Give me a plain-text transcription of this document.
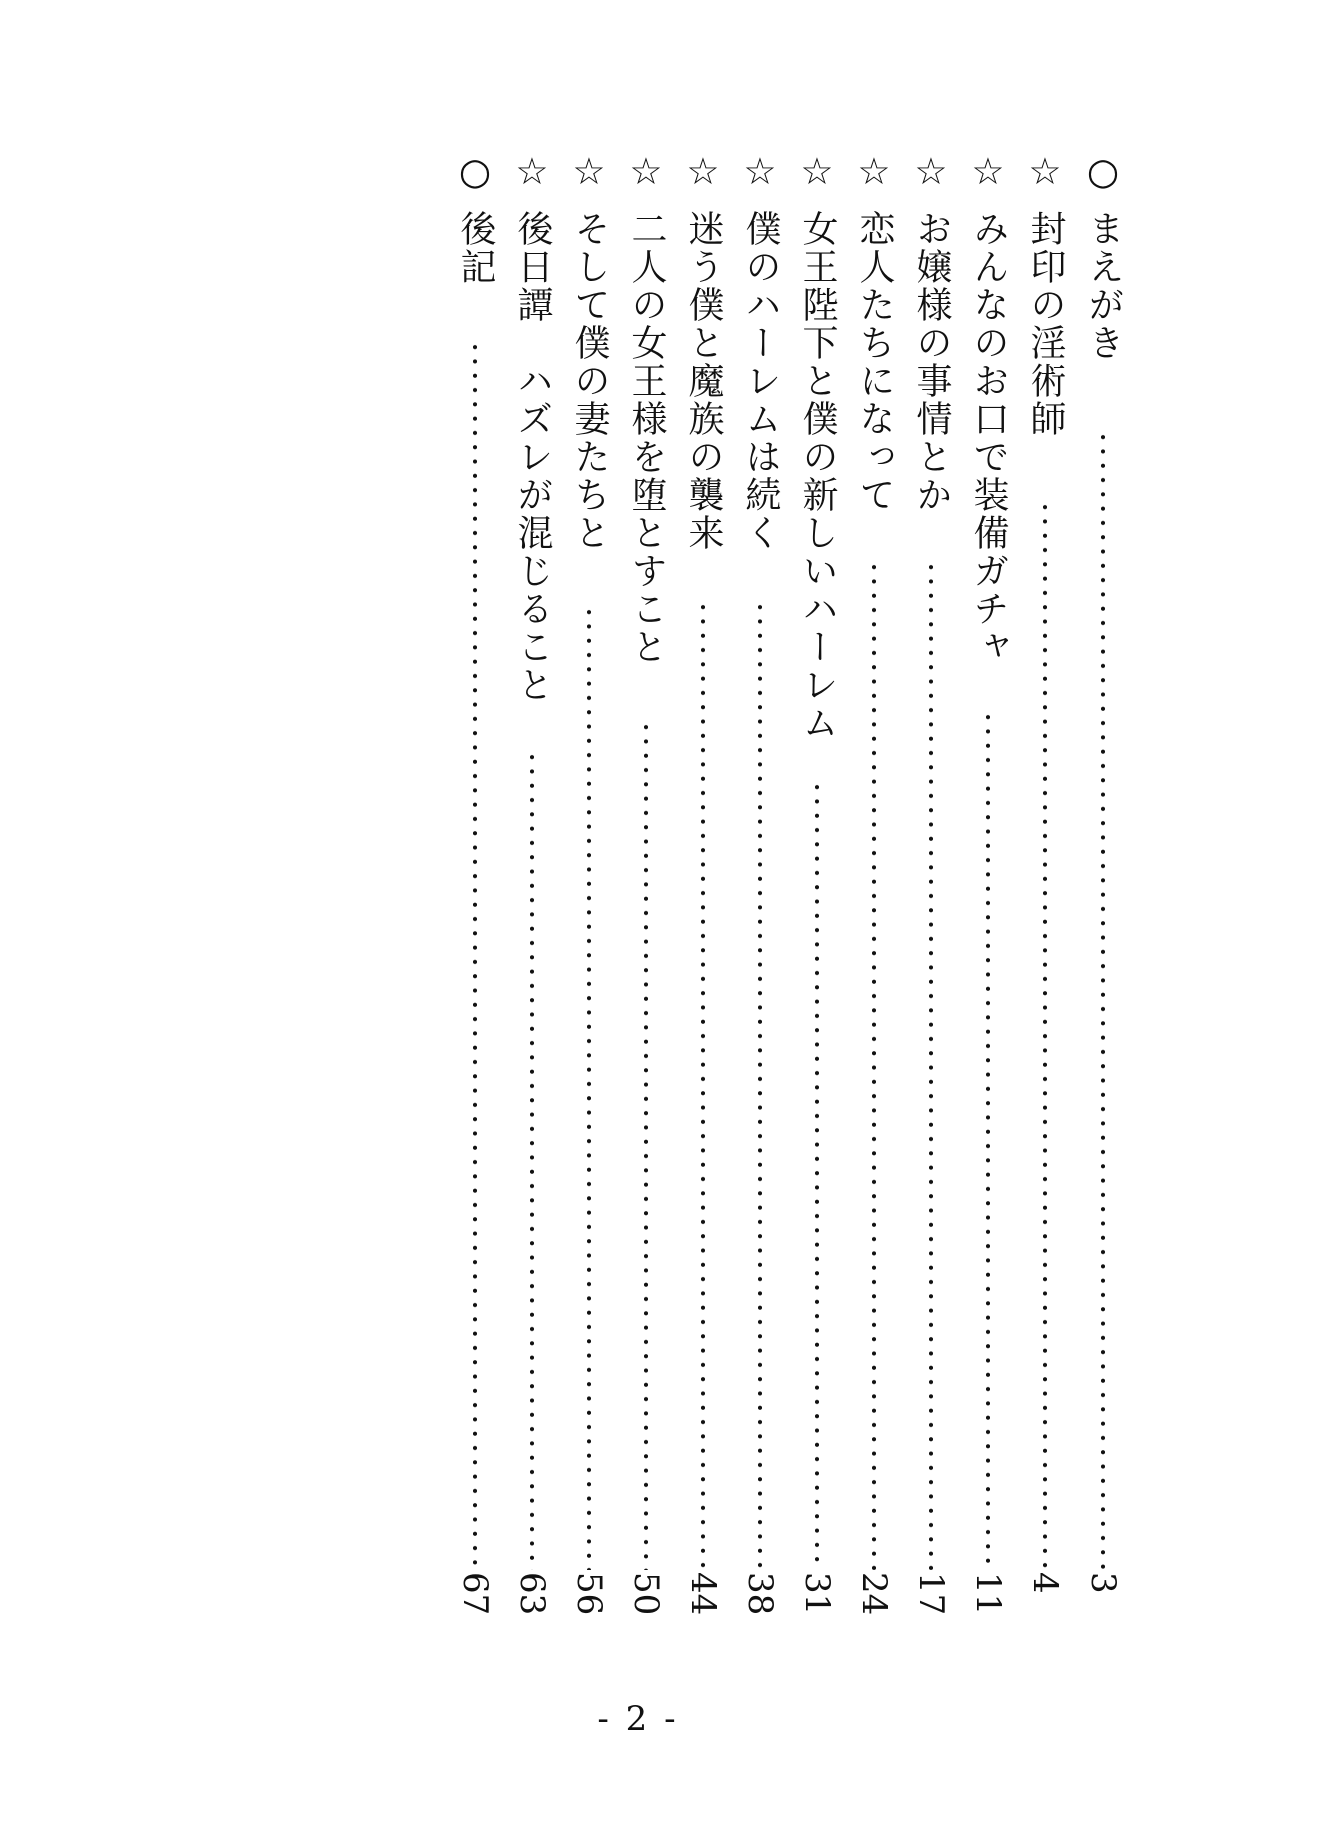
○
まえがき
3
☆
封印の淫術師
4
☆
みんなのお口で装備ガチャ
11
☆
お嬢様の事情とか
17
☆
恋人たちになって
24
☆
女王陛下と僕の新しいハーレム
31
☆
僕のハーレムは続く
38
☆
迷う僕と魔族の襲来
44
☆
二人の女王様を堕とすこと
50
☆
そして僕の妻たちと
56
☆
後日譚　ハズレが混じること
63
○
後記
67
- 2 -
